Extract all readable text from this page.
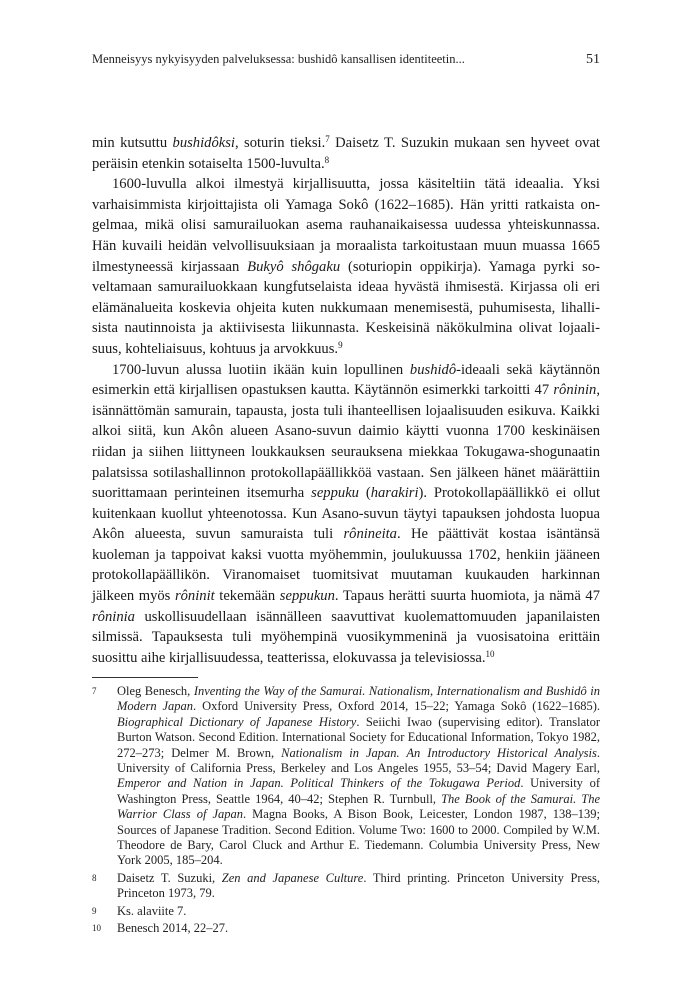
Menneisyys nykyisyyden palveluksessa: bushidô kansallisen identiteetin...	51

min kutsuttu bushidôksi, soturin tieksi.$^7$ Daisetz T. Suzukin mukaan sen hyveet ovat peräisin etenkin sotaiselta 1500-luvulta.$^8$

1600-luvulla alkoi ilmestyä kirjallisuutta, jossa käsiteltiin tätä ideaalia. Yksi varhaisimmista kirjoittajista oli Yamaga Sokô (1622–1685). Hän yritti ratkaista ongelmaa, mikä olisi samurailuokan asema rauhanaikaisessa uudessa yhteiskunnassa. Hän kuvaili heidän velvollisuuksiaan ja moraalista tarkoitustaan muun muassa 1665 ilmestyneessä kirjassaan Bukyô shôgaku (soturiopin oppikirja). Yamaga pyrki soveltamaan samurailuokkaan kungfutselaista ideaa hyvästä ihmisestä. Kirjassa oli eri elämänalueita koskevia ohjeita kuten nukkumaan menemisestä, puhumisesta, lihallisista nautinnoista ja aktiivisesta liikunnasta. Keskeisinä näkökulmina olivat lojaalisuus, kohteliaisuus, kohtuus ja arvokkuus.$^9$

1700-luvun alussa luotiin ikään kuin lopullinen bushidô-ideaali sekä käytännön esimerkin että kirjallisen opastuksen kautta. Käytännön esimerkki tarkoitti 47 rôninin, isännättömän samurain, tapausta, josta tuli ihanteellisen lojaalisuuden esikuva. Kaikki alkoi siitä, kun Akôn alueen Asano-suvun daimio käytti vuonna 1700 keskinäisen riidan ja siihen liittyneen loukkauksen seurauksena miekkaa Tokugawa-shogunaatin palatsissa sotilashallinnon protokollapäällikköä vastaan. Sen jälkeen hänet määrättiin suorittamaan perinteinen itsemurha seppuku (harakiri). Protokollapäällikkö ei ollut kuitenkaan kuollut yhteenotossa. Kun Asano-suvun täytyi tapauksen johdosta luopua Akôn alueesta, suvun samuraista tuli rônineita. He päättivät kostaa isäntänsä kuoleman ja tappoivat kaksi vuotta myöhemmin, joulukuussa 1702, henkiin jääneen protokollapäällikön. Viranomaiset tuomitsivat muutaman kuukauden harkinnan jälkeen myös rôninit tekemään seppukun. Tapaus herätti suurta huomiota, ja nämä 47 rôninia uskollisuudellaan isännälleen saavuttivat kuolemattomuuden japanilaisten silmissä. Tapauksesta tuli myöhempinä vuosikymmeninä ja vuosisatoina erittäin suosittu aihe kirjallisuudessa, teatterissa, elokuvassa ja televisiossa.$^{10}$

7	Oleg Benesch, Inventing the Way of the Samurai. Nationalism, Internationalism and Bushidô in Modern Japan. Oxford University Press, Oxford 2014, 15–22; Yamaga Sokô (1622–1685). Biographical Dictionary of Japanese History. Seiichi Iwao (supervising editor). Translator Burton Watson. Second Edition. International Society for Educational Information, Tokyo 1982, 272–273; Delmer M. Brown, Nationalism in Japan. An Introductory Historical Analysis. University of California Press, Berkeley and Los Angeles 1955, 53–54; David Magery Earl, Emperor and Nation in Japan. Political Thinkers of the Tokugawa Period. University of Washington Press, Seattle 1964, 40–42; Stephen R. Turnbull, The Book of the Samurai. The Warrior Class of Japan. Magna Books, A Bison Book, Leicester, London 1987, 138–139; Sources of Japanese Tradition. Second Edition. Volume Two: 1600 to 2000. Compiled by W.M. Theodore de Bary, Carol Cluck and Arthur E. Tiedemann. Columbia University Press, New York 2005, 185–204.
8	Daisetz T. Suzuki, Zen and Japanese Culture. Third printing. Princeton University Press, Princeton 1973, 79.
9	Ks. alaviite 7.
10	Benesch 2014, 22–27.
